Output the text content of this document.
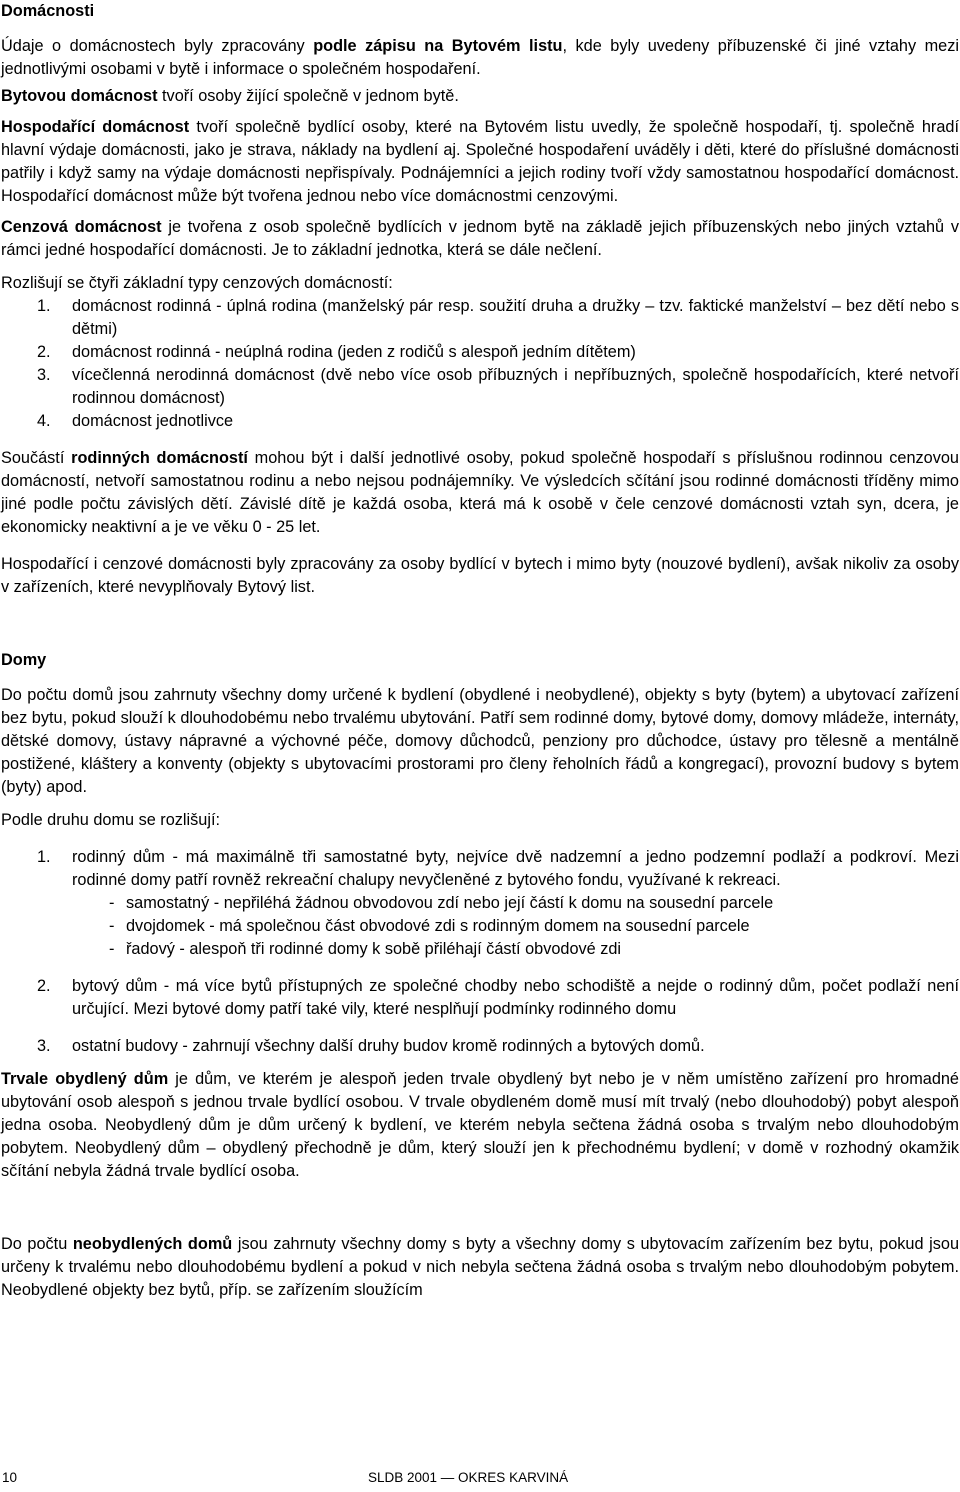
Domácnosti

Údaje o domácnostech byly zpracovány podle zápisu na Bytovém listu, kde byly uvedeny příbuzenské či jiné vztahy mezi jednotlivými osobami v bytě i informace o společném hospodaření.

Bytovou domácnost tvoří osoby žijící společně v jednom bytě.

Hospodařící domácnost tvoří společně bydlící osoby, které na Bytovém listu uvedly, že společně hospodaří, tj. společně hradí hlavní výdaje domácnosti, jako je strava, náklady na bydlení aj. Společné hospodaření uváděly i děti, které do příslušné domácnosti patřily i když samy na výdaje domácnosti nepřispívaly. Podnájemníci a jejich rodiny tvoří vždy samostatnou hospodařící domácnost. Hospodařící domácnost může být tvořena jednou nebo více domácnostmi cenzovými.

Cenzová domácnost je tvořena z osob společně bydlících v jednom bytě na základě jejich příbuzenských nebo jiných vztahů v rámci jedné hospodařící domácnosti. Je to základní jednotka, která se dále nečlení.

Rozlišují se čtyři základní typy cenzových domácností:

1. domácnost rodinná - úplná rodina (manželský pár resp. soužití druha a družky – tzv. faktické manželství – bez dětí nebo s dětmi)
2. domácnost rodinná - neúplná rodina (jeden z rodičů s alespoň jedním dítětem)
3. vícečlenná nerodinná domácnost (dvě nebo více osob příbuzných i nepříbuzných, společně hospodařících, které netvoří rodinnou domácnost)
4. domácnost jednotlivce

Součástí rodinných domácností mohou být i další jednotlivé osoby, pokud společně hospodaří s příslušnou rodinnou cenzovou domácností, netvoří samostatnou rodinu a nebo nejsou podnájemníky. Ve výsledcích sčítání jsou rodinné domácnosti tříděny mimo jiné podle počtu závislých dětí. Závislé dítě je každá osoba, která má k osobě v čele cenzové domácnosti vztah syn, dcera, je ekonomicky neaktivní a je ve věku 0 - 25 let.

Hospodařící i cenzové domácnosti byly zpracovány za osoby bydlící v bytech i mimo byty (nouzové bydlení), avšak nikoliv za osoby v zařízeních, které nevyplňovaly Bytový list.

Domy

Do počtu domů jsou zahrnuty všechny domy určené k bydlení (obydlené i neobydlené), objekty s byty (bytem) a ubytovací zařízení bez bytu, pokud slouží k dlouhodobému nebo trvalému ubytování. Patří sem rodinné domy, bytové domy, domovy mládeže, internáty, dětské domovy, ústavy nápravné a výchovné péče, domovy důchodců, penziony pro důchodce, ústavy pro tělesně a mentálně postižené, kláštery a konventy (objekty s ubytovacími prostorami pro členy řeholních řádů a kongregací), provozní budovy s bytem (byty) apod.

Podle druhu domu se rozlišují:

1. rodinný dům - má maximálně tři samostatné byty, nejvíce dvě nadzemní a jedno podzemní podlaží a podkroví. Mezi rodinné domy patří rovněž rekreační chalupy nevyčleněné z bytového fondu, využívané k rekreaci.
- samostatný - nepřiléhá žádnou obvodovou zdí nebo její částí k domu na sousední parcele
- dvojdomek - má společnou část obvodové zdi s rodinným domem na sousední parcele
- řadový - alespoň tři rodinné domy k sobě přiléhají částí obvodové zdi
2. bytový dům - má více bytů přístupných ze společné chodby nebo schodiště a nejde o rodinný dům, počet podlaží není určující. Mezi bytové domy patří také vily, které nesplňují podmínky rodinného domu
3. ostatní budovy - zahrnují všechny další druhy budov kromě rodinných a bytových domů.

Trvale obydlený dům je dům, ve kterém je alespoň jeden trvale obydlený byt nebo je v něm umístěno zařízení pro hromadné ubytování osob alespoň s jednou trvale bydlící osobou. V trvale obydleném domě musí mít trvalý (nebo dlouhodobý) pobyt alespoň jedna osoba. Neobydlený dům je dům určený k bydlení, ve kterém nebyla sečtena žádná osoba s trvalým nebo dlouhodobým pobytem. Neobydlený dům – obydlený přechodně je dům, který slouží jen k přechodnému bydlení; v domě v rozhodný okamžik sčítání nebyla žádná trvale bydlící osoba.

Do počtu neobydlených domů jsou zahrnuty všechny domy s byty a všechny domy s ubytovacím zařízením bez bytu, pokud jsou určeny k trvalému nebo dlouhodobému bydlení a pokud v nich nebyla sečtena žádná osoba s trvalým nebo dlouhodobým pobytem. Neobydlené objekty bez bytů, příp. se zařízením sloužícím

10	SLDB 2001 — OKRES KARVINÁ
